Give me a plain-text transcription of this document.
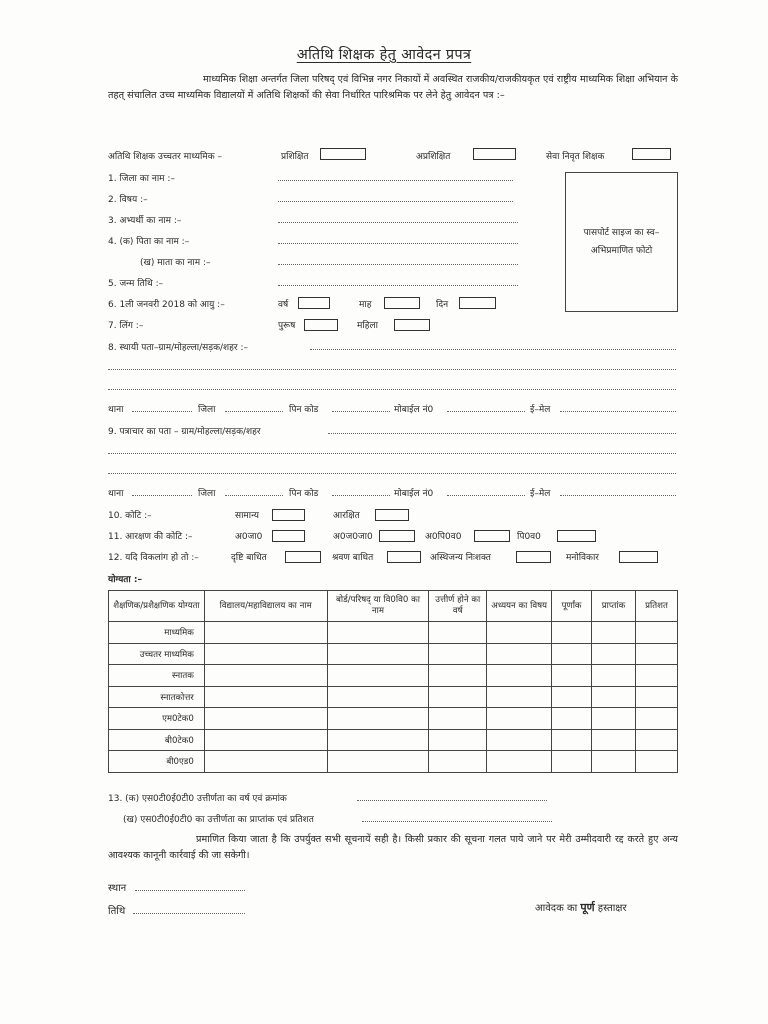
अतिथि शिक्षक हेतु आवेदन प्रपत्र
माध्यमिक शिक्षा अन्तर्गत जिला परिषद् एवं विभिन्न नगर निकायों में अवस्थित राजकीय/राजकीयकृत एवं राष्ट्रीय माध्यमिक शिक्षा अभियान के तहत् संचालित उच्च माध्यमिक विद्यालयों में अतिथि शिक्षकों की सेवा निर्धारित पारिश्रमिक पर लेने हेतु आवेदन पत्र :–
अतिथि शिक्षक उच्चतर माध्यमिक –	प्रशिक्षित	अप्रशिक्षित	सेवा निवृत शिक्षक
पासपोर्ट साइज का स्व–अभिप्रमाणित फोटो
1. जिला का नाम :–
2. विषय :–
3. अभ्यर्थी का नाम :–
4. (क) पिता का नाम :–
(ख) माता का नाम :–
5. जन्म तिथि :–
6. 1ली जनवरी 2018 को आयु :–	वर्ष	माह	दिन
7. लिंग :–	पुरूष	महिला
8. स्थायी पता–ग्राम/मोहल्ला/सड़क/शहर :–
थाना	जिला	पिन कोड	मोबाईल नं0	ई–मेल
9. पत्राचार का पता – ग्राम/मोहल्ला/सड़क/शहर
थाना	जिला	पिन कोड	मोबाईल नं0	ई–मेल
10. कोटि :–	सामान्य	आरक्षित
11. आरक्षण की कोटि :–	अ0जा0	अ0ज0जा0	अ0पि0व0	पि0व0
12. यदि विकलांग हो तो :–	दृष्टि बाधित	श्रवण बाधित	अस्थिजन्य निःशक्त	मनोविकार
योग्यता :–
शैक्षणिक/प्रशैक्षणिक योग्यता	विद्यालय/महाविद्यालय का नाम	बोर्ड/परिषद् या वि0वि0 का नाम	उत्तीर्ण होने का वर्ष	अध्ययन का विषय	पूर्णांक	प्राप्तांक	प्रतिशत
माध्यमिक							
उच्चतर माध्यमिक							
स्नातक							
स्नातकोत्तर							
एम0टेक0							
बी0टेक0							
बी0एड0							
13. (क) एस0टी0ई0टी0 उत्तीर्णता का वर्ष एवं क्रमांक
(ख) एस0टी0ई0टी0 का उत्तीर्णता का प्राप्तांक एवं प्रतिशत
प्रमाणित किया जाता है कि उपर्युक्त सभी सूचनायें सही है। किसी प्रकार की सूचना गलत पाये जाने पर मेरी उम्मीदवारी रद्द करते हुए अन्य आवश्यक कानूनी कार्रवाई की जा सकेगी।
स्थान
तिथि	आवेदक का पूर्ण हस्ताक्षर
